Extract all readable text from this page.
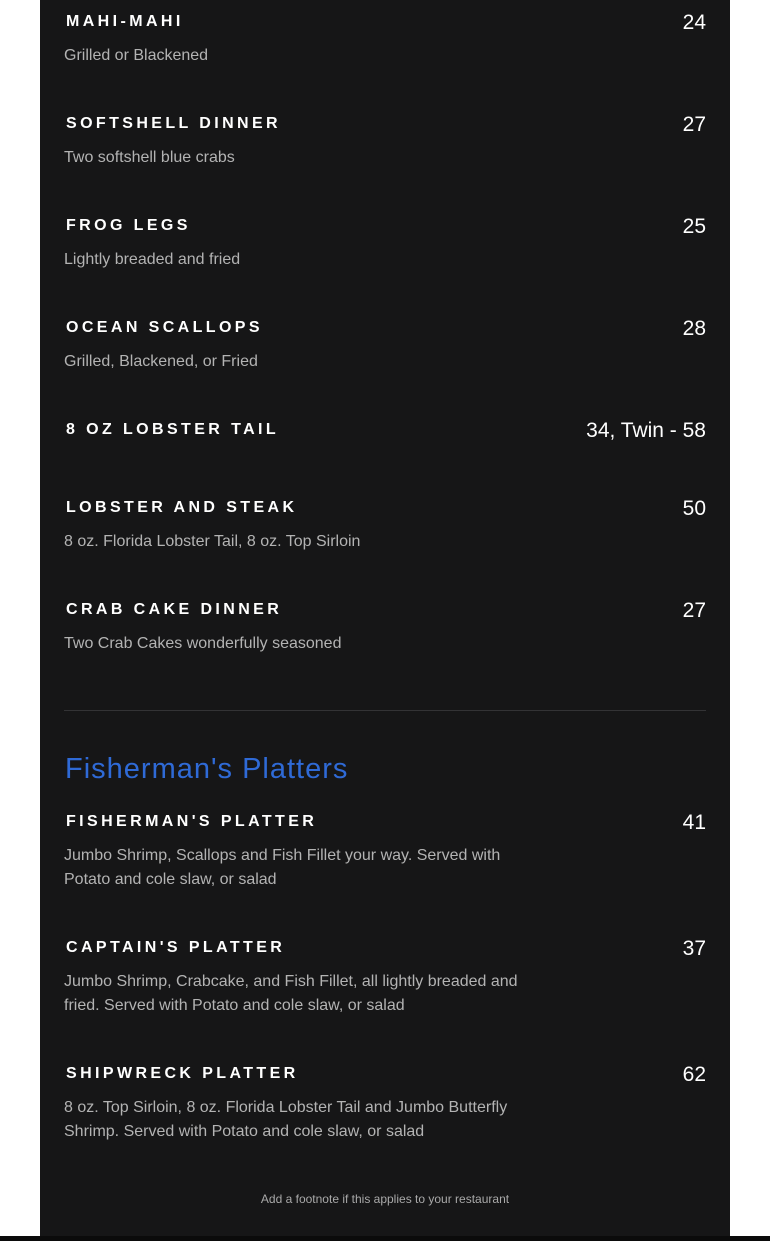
MAHI-MAHI	24
Grilled or Blackened
SOFTSHELL DINNER	27
Two softshell blue crabs
FROG LEGS	25
Lightly breaded and fried
OCEAN SCALLOPS	28
Grilled, Blackened, or Fried
8 OZ LOBSTER TAIL	34, Twin - 58
LOBSTER AND STEAK	50
8 oz. Florida Lobster Tail, 8 oz. Top Sirloin
CRAB CAKE DINNER	27
Two Crab Cakes wonderfully seasoned
Fisherman's Platters
FISHERMAN'S PLATTER	41
Jumbo Shrimp, Scallops and Fish Fillet your way. Served with Potato and cole slaw, or salad
CAPTAIN'S PLATTER	37
Jumbo Shrimp, Crabcake, and Fish Fillet, all lightly breaded and fried. Served with Potato and cole slaw, or salad
SHIPWRECK PLATTER	62
8 oz. Top Sirloin, 8 oz. Florida Lobster Tail and Jumbo Butterfly Shrimp. Served with Potato and cole slaw, or salad
Add a footnote if this applies to your restaurant
